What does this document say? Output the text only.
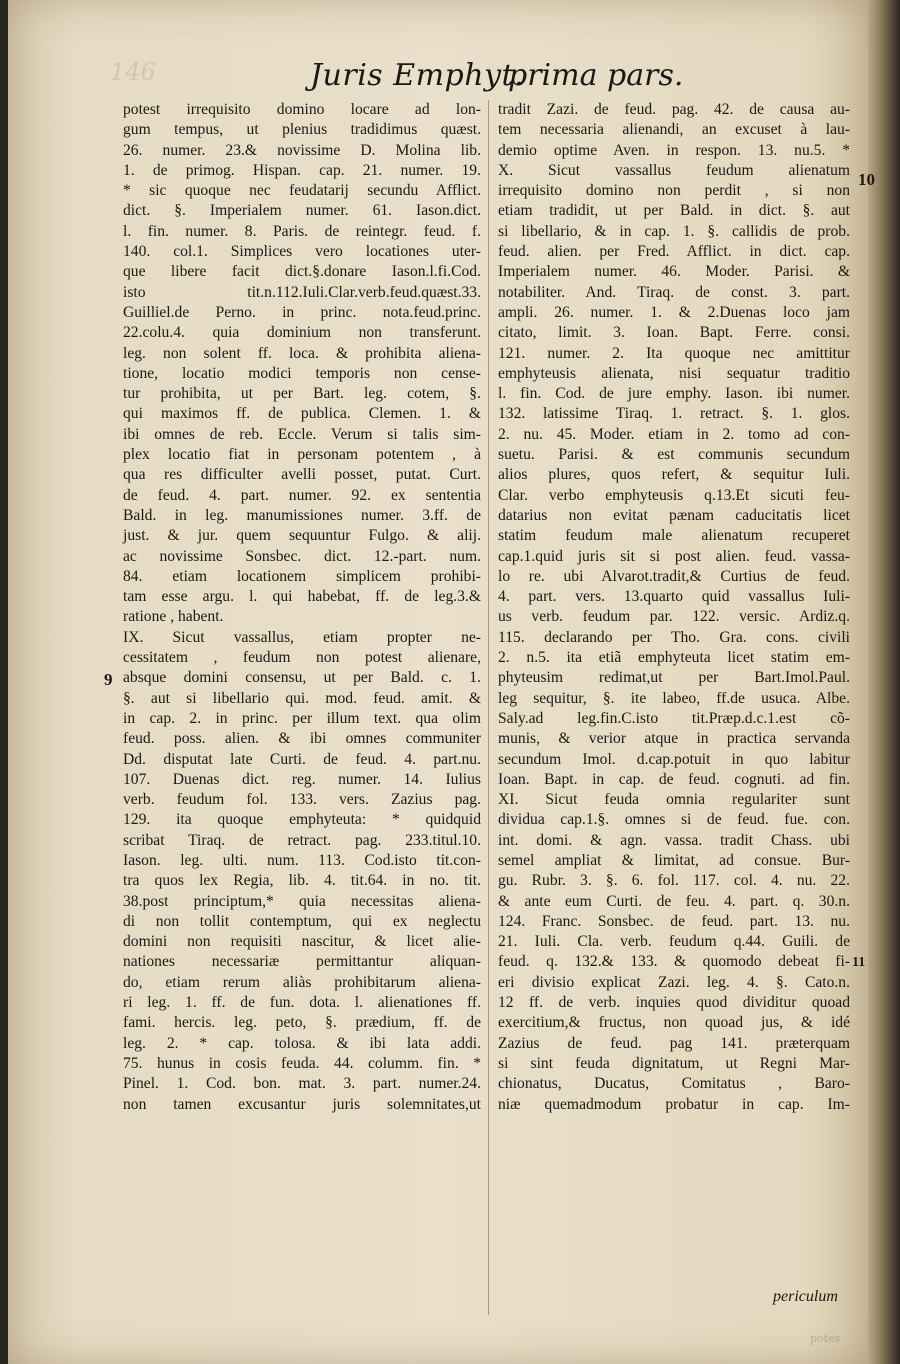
146	Juris Emphyt.
prima pars.
potest irrequisito domino locare ad lon-
gum tempus, ut plenius tradidimus quæst.
26. numer. 23.& novissime D. Molina lib.
1. de primog. Hispan. cap. 21. numer. 19.
* sic quoque nec feudatarij secundu Afflict.
dict. §. Imperialem numer. 61. Iason.dict.
l. fin. numer. 8. Paris. de reintegr. feud. f.
140. col.1. Simplices vero locationes uter-
que libere facit dict.§.donare Iason.l.fi.Cod.
isto tit.n.112.Iuli.Clar.verb.feud.quæst.33.
Guilliel.de Perno. in princ. nota.feud.princ.
22.colu.4. quia dominium non transferunt.
leg. non solent ff. loca. & prohibita aliena-
tione, locatio modici temporis non cense-
tur prohibita, ut per Bart. leg. cotem, §.
qui maximos ff. de publica. Clemen. 1. &
ibi omnes de reb. Eccle. Verum si talis sim-
plex locatio fiat in personam potentem , à
qua res difficulter avelli posset, putat. Curt.
de feud. 4. part. numer. 92. ex sententia
Bald. in leg. manumissiones numer. 3.ff. de
just. & jur. quem sequuntur Fulgo. & alij.
ac novissime Sonsbec. dict. 12.-part. num.
84. etiam locationem simplicem prohibi-
tam esse argu. l. qui habebat, ff. de leg.3.&
ratione , habent.
IX. Sicut vassallus, etiam propter ne-
cessitatem , feudum non potest alienare,
absque domini consensu, ut per Bald. c. 1.
§. aut si libellario qui. mod. feud. amit. &
in cap. 2. in princ. per illum text. qua olim
feud. poss. alien. & ibi omnes communiter
Dd. disputat late Curti. de feud. 4. part.nu.
107. Duenas dict. reg. numer. 14. Iulius
verb. feudum fol. 133. vers. Zazius pag.
129. ita quoque emphyteuta: * quidquid
scribat Tiraq. de retract. pag. 233.titul.10.
Iason. leg. ulti. num. 113. Cod.isto tit.con-
tra quos lex Regia, lib. 4. tit.64. in no. tit.
38.post principtum,* quia necessitas aliena-
di non tollit contemptum, qui ex neglectu
domini non requisiti nascitur, & licet alie-
nationes necessariæ permittantur aliquan-
do, etiam rerum aliàs prohibitarum aliena-
ri leg. 1. ff. de fun. dota. l. alienationes ff.
fami. hercis. leg. peto, §. prædium, ff. de
leg. 2. * cap. tolosa. & ibi lata addi.
75. hunus in cosis feuda. 44. columm. fin. *
Pinel. 1. Cod. bon. mat. 3. part. numer.24.
non tamen excusantur juris solemnitates,ut
tradit Zazi. de feud. pag. 42. de causa au-
tem necessaria alienandi, an excuset à lau-
demio optime Aven. in respon. 13. nu.5. *
X. Sicut vassallus feudum alienatum
irrequisito domino non perdit , si non
etiam tradidit, ut per Bald. in dict. §. aut
si libellario, & in cap. 1. §. callidis de prob.
feud. alien. per Fred. Afflict. in dict. cap.
Imperialem numer. 46. Moder. Parisi. &
notabiliter. And. Tiraq. de const. 3. part.
ampli. 26. numer. 1. & 2.Duenas loco jam
citato, limit. 3. Ioan. Bapt. Ferre. consi.
121. numer. 2. Ita quoque nec amittitur
emphyteusis alienata, nisi sequatur traditio
l. fin. Cod. de jure emphy. Iason. ibi numer.
132. latissime Tiraq. 1. retract. §. 1. glos.
2. nu. 45. Moder. etiam in 2. tomo ad con-
suetu. Parisi. & est communis secundum
alios plures, quos refert, & sequitur Iuli.
Clar. verbo emphyteusis q.13.Et sicuti feu-
datarius non evitat pænam caducitatis licet
statim feudum male alienatum recuperet
cap.1.quid juris sit si post alien. feud. vassa-
lo re. ubi Alvarot.tradit,& Curtius de feud.
4. part. vers. 13.quarto quid vassallus Iuli-
us verb. feudum par. 122. versic. Ardiz.q.
115. declarando per Tho. Gra. cons. civili
2. n.5. ita etiã emphyteuta licet statim em-
phyteusim redimat,ut per Bart.Imol.Paul.
leg sequitur, §. ite labeo, ff.de usuca. Albe.
Saly.ad leg.fin.C.isto tit.Præp.d.c.1.est cõ-
munis, & verior atque in practica servanda
secundum Imol. d.cap.potuit in quo labitur
Ioan. Bapt. in cap. de feud. cognuti. ad fin.
XI. Sicut feuda omnia regulariter sunt
dividua cap.1.§. omnes si de feud. fue. con.
int. domi. & agn. vassa. tradit Chass. ubi
semel ampliat & limitat, ad consue. Bur-
gu. Rubr. 3. §. 6. fol. 117. col. 4. nu. 22.
& ante eum Curti. de feu. 4. part. q. 30.n.
124. Franc. Sonsbec. de feud. part. 13. nu.
21. Iuli. Cla. verb. feudum q.44. Guili. de
feud. q. 132.& 133. & quomodo debeat fi-
eri divisio explicat Zazi. leg. 4. §. Cato.n.
12 ff. de verb. inquies quod dividitur quoad
exercitium,& fructus, non quoad jus, & idé
Zazius de feud. pag 141. præterquam
si sint feuda dignitatum, ut Regni Mar-
chionatus, Ducatus, Comitatus , Baro-
niæ quemadmodum probatur in cap. Im-
9
10
11
periculum
potes
